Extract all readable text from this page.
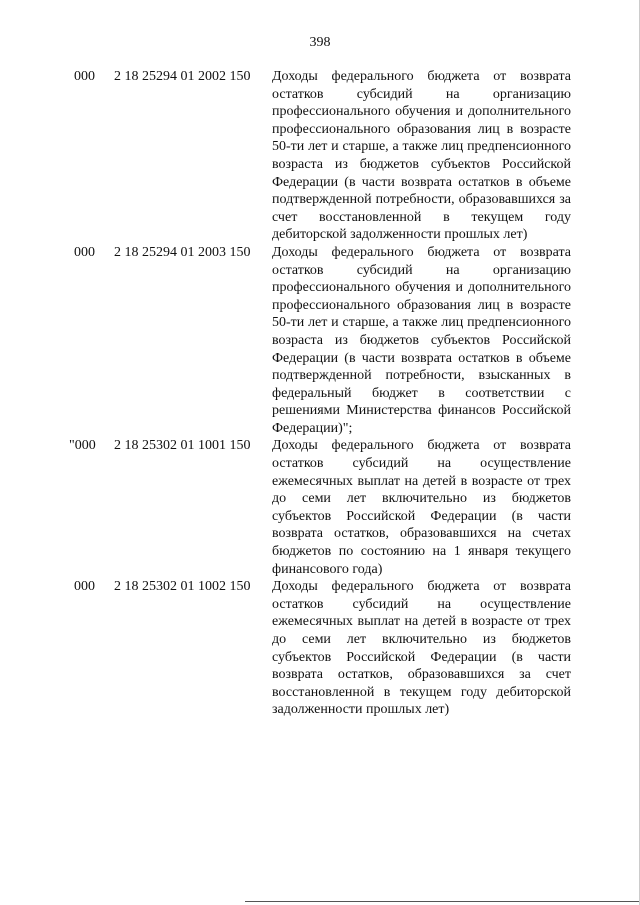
398
000 2 18 25294 01 2002 150 Доходы федерального бюджета от возврата остатков субсидий на организацию профессионального обучения и дополнительного профессионального образования лиц в возрасте 50-ти лет и старше, а также лиц предпенсионного возраста из бюджетов субъектов Российской Федерации (в части возврата остатков в объеме подтвержденной потребности, образовавшихся за счет восстановленной в текущем году дебиторской задолженности прошлых лет)
000 2 18 25294 01 2003 150 Доходы федерального бюджета от возврата остатков субсидий на организацию профессионального обучения и дополнительного профессионального образования лиц в возрасте 50-ти лет и старше, а также лиц предпенсионного возраста из бюджетов субъектов Российской Федерации (в части возврата остатков в объеме подтвержденной потребности, взысканных в федеральный бюджет в соответствии с решениями Министерства финансов Российской Федерации)";
"000 2 18 25302 01 1001 150 Доходы федерального бюджета от возврата остатков субсидий на осуществление ежемесячных выплат на детей в возрасте от трех до семи лет включительно из бюджетов субъектов Российской Федерации (в части возврата остатков, образовавшихся на счетах бюджетов по состоянию на 1 января текущего финансового года)
000 2 18 25302 01 1002 150 Доходы федерального бюджета от возврата остатков субсидий на осуществление ежемесячных выплат на детей в возрасте от трех до семи лет включительно из бюджетов субъектов Российской Федерации (в части возврата остатков, образовавшихся за счет восстановленной в текущем году дебиторской задолженности прошлых лет)
